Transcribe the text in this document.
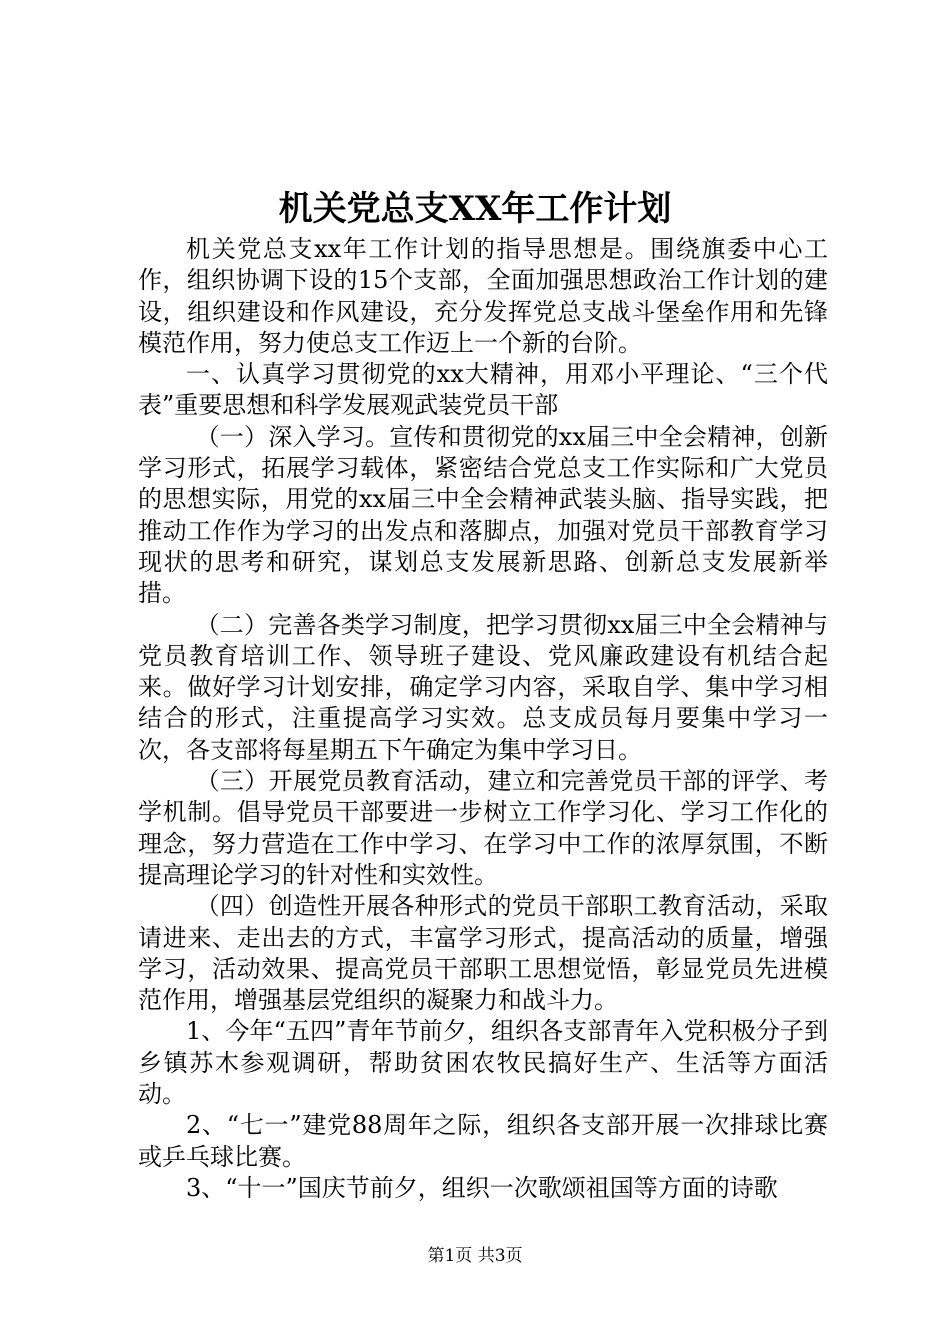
机关党总支XX年工作计划

机关党总支xx年工作计划的指导思想是。围绕旗委中心工作，组织协调下设的15个支部，全面加强思想政治工作计划的建设，组织建设和作风建设，充分发挥党总支战斗堡垒作用和先锋模范作用，努力使总支工作迈上一个新的台阶。

一、认真学习贯彻党的xx大精神，用邓小平理论、“三个代表”重要思想和科学发展观武装党员干部

（一）深入学习。宣传和贯彻党的xx届三中全会精神，创新学习形式，拓展学习载体，紧密结合党总支工作实际和广大党员的思想实际，用党的xx届三中全会精神武装头脑、指导实践，把推动工作作为学习的出发点和落脚点，加强对党员干部教育学习现状的思考和研究，谋划总支发展新思路、创新总支发展新举措。

（二）完善各类学习制度，把学习贯彻xx届三中全会精神与党员教育培训工作、领导班子建设、党风廉政建设有机结合起来。做好学习计划安排，确定学习内容，采取自学、集中学习相结合的形式，注重提高学习实效。总支成员每月要集中学习一次，各支部将每星期五下午确定为集中学习日。

（三）开展党员教育活动，建立和完善党员干部的评学、考学机制。倡导党员干部要进一步树立工作学习化、学习工作化的理念，努力营造在工作中学习、在学习中工作的浓厚氛围，不断提高理论学习的针对性和实效性。

（四）创造性开展各种形式的党员干部职工教育活动，采取请进来、走出去的方式，丰富学习形式，提高活动的质量，增强学习，活动效果、提高党员干部职工思想觉悟，彰显党员先进模范作用，增强基层党组织的凝聚力和战斗力。

1、今年“五四”青年节前夕，组织各支部青年入党积极分子到乡镇苏木参观调研，帮助贫困农牧民搞好生产、生活等方面活动。

2、“七一”建党88周年之际，组织各支部开展一次排球比赛或乒乓球比赛。

3、“十一”国庆节前夕，组织一次歌颂祖国等方面的诗歌

第1页 共3页
